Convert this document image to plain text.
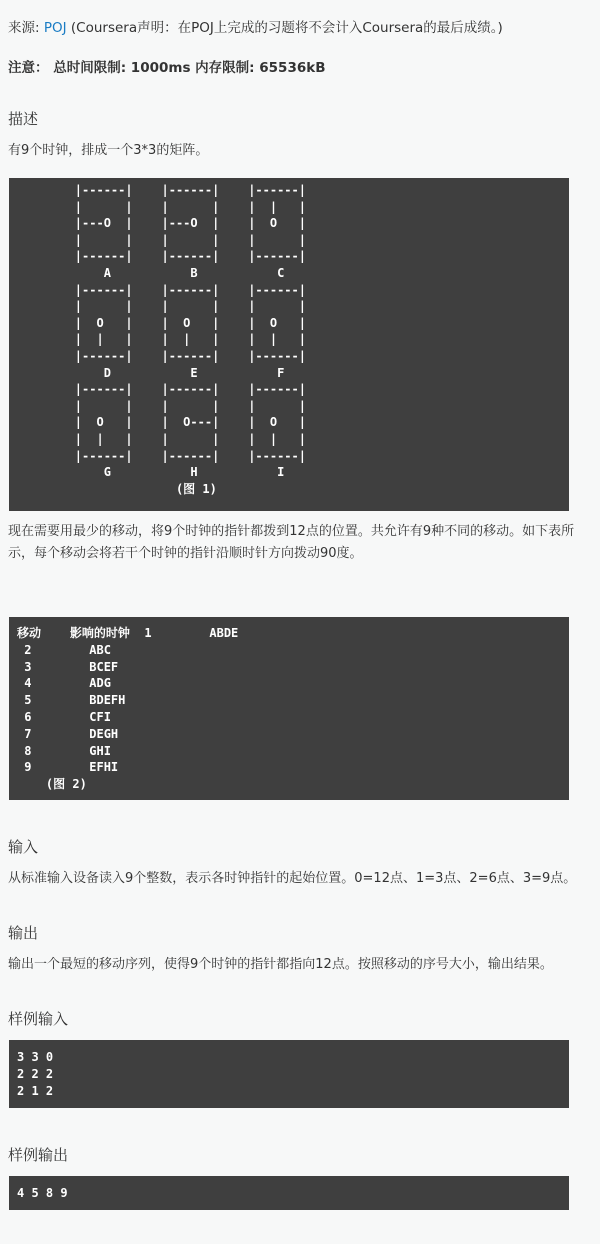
来源: POJ (Coursera声明：在POJ上完成的习题将不会计入Coursera的最后成绩。)
注意： 总时间限制: 1000ms 内存限制: 65536kB
描述
有9个时钟，排成一个3*3的矩阵。
|------|    |------|    |------|
|      |    |      |    |  |   |
|---O  |    |---O  |    |  O   |
|      |    |      |    |      |
|------|    |------|    |------|
A           B           C
|------|    |------|    |------|
|      |    |      |    |      |
|  O   |    |  O   |    |  O   |
|  |   |    |  |   |    |  |   |
|------|    |------|    |------|
D           E           F
|------|    |------|    |------|
|      |    |      |    |      |
|  O   |    |  O---|    |  O   |
|  |   |    |      |    |  |   |
|------|    |------|    |------|
G           H           I
(图 1)
现在需要用最少的移动，将9个时钟的指针都拨到12点的位置。共允许有9种不同的移动。如下表所示，每个移动会将若干个时钟的指针沿顺时针方向拨动90度。
移动    影响的时钟  1        ABDE
2        ABC
3        BCEF
4        ADG
5        BDEFH
6        CFI
7        DEGH
8        GHI
9        EFHI
(图 2)
输入
从标准输入设备读入9个整数，表示各时钟指针的起始位置。0=12点、1=3点、2=6点、3=9点。
输出
输出一个最短的移动序列，使得9个时钟的指针都指向12点。按照移动的序号大小，输出结果。
样例输入
3 3 0
2 2 2
2 1 2
样例输出
4 5 8 9
